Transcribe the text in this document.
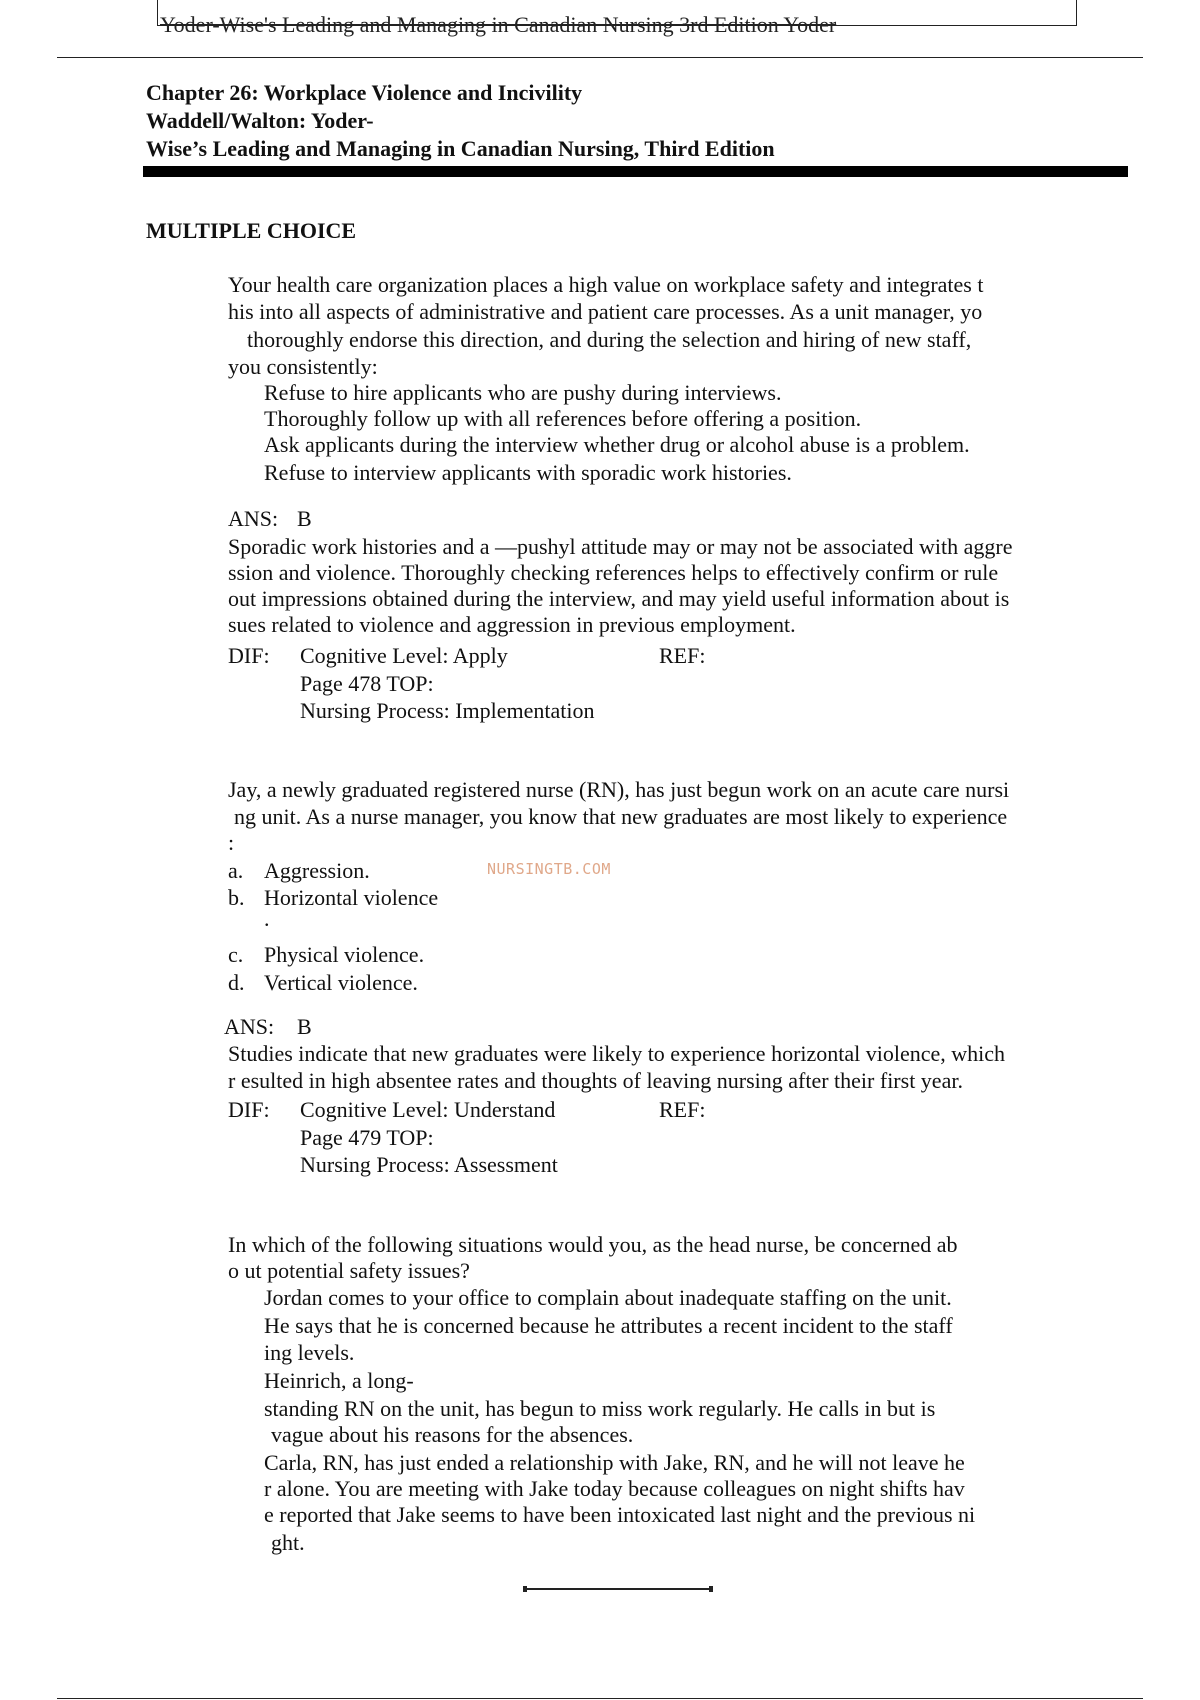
Yoder-Wise's Leading and Managing in Canadian Nursing 3rd Edition Yoder
Chapter 26: Workplace Violence and Incivility
Waddell/Walton: Yoder-
Wise’s Leading and Managing in Canadian Nursing, Third Edition
MULTIPLE CHOICE
Your health care organization places a high value on workplace safety and integrates t
his into all aspects of administrative and patient care processes. As a unit manager, yo
thoroughly endorse this direction, and during the selection and hiring of new staff,
you consistently:
Refuse to hire applicants who are pushy during interviews.
Thoroughly follow up with all references before offering a position.
Ask applicants during the interview whether drug or alcohol abuse is a problem.
Refuse to interview applicants with sporadic work histories.
ANS: B
Sporadic work histories and a —pushyl attitude may or may not be associated with aggre
ssion and violence. Thoroughly checking references helps to effectively confirm or rule
out impressions obtained during the interview, and may yield useful information about is
sues related to violence and aggression in previous employment.
DIF: Cognitive Level: Apply	REF:
Page 478 TOP:
Nursing Process: Implementation
Jay, a newly graduated registered nurse (RN), has just begun work on an acute care nursi
ng unit. As a nurse manager, you know that new graduates are most likely to experience
:
a. Aggression.	NURSINGTB.COM
b. Horizontal violence
.
c. Physical violence.
d. Vertical violence.
ANS: B
Studies indicate that new graduates were likely to experience horizontal violence, which
r esulted in high absentee rates and thoughts of leaving nursing after their first year.
DIF: Cognitive Level: Understand	REF:
Page 479 TOP:
Nursing Process: Assessment
In which of the following situations would you, as the head nurse, be concerned ab
o ut potential safety issues?
Jordan comes to your office to complain about inadequate staffing on the unit.
He says that he is concerned because he attributes a recent incident to the staff
ing levels.
Heinrich, a long-
standing RN on the unit, has begun to miss work regularly. He calls in but is
vague about his reasons for the absences.
Carla, RN, has just ended a relationship with Jake, RN, and he will not leave he
r alone. You are meeting with Jake today because colleagues on night shifts hav
e reported that Jake seems to have been intoxicated last night and the previous ni
ght.
